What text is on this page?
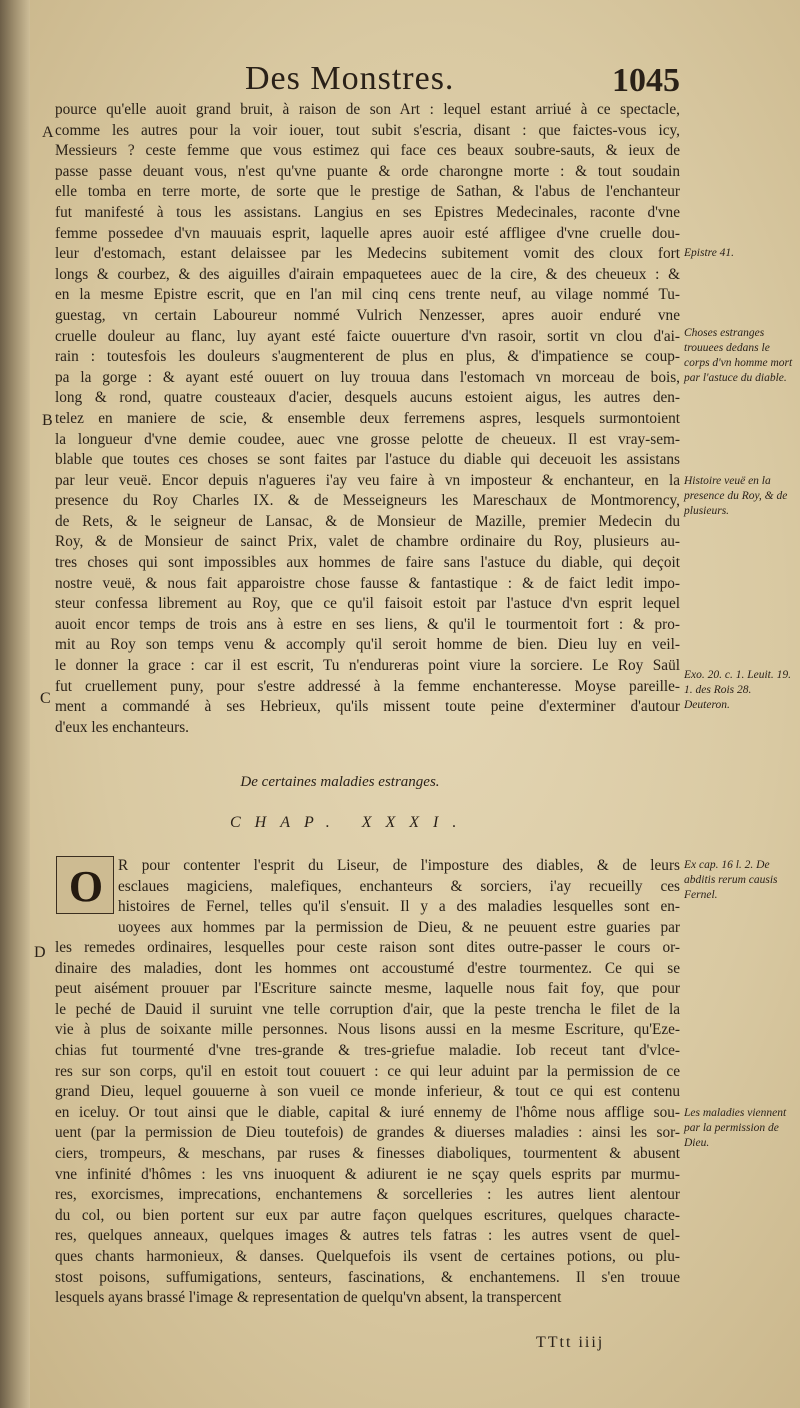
Des Monstres.	1045
A
B
C
D
pource qu'elle auoit grand bruit, à raison de son Art : lequel estant arriué à ce spectacle,
comme les autres pour la voir iouer, tout subit s'escria, disant : que faictes-vous icy,
Messieurs ? ceste femme que vous estimez qui face ces beaux soubre-sauts, & ieux de
passe passe deuant vous, n'est qu'vne puante & orde charongne morte : & tout soudain
elle tomba en terre morte, de sorte que le prestige de Sathan, & l'abus de l'enchanteur
fut manifesté à tous les assistans. Langius en ses Epistres Medecinales, raconte d'vne
femme possedee d'vn mauuais esprit, laquelle apres auoir esté affligee d'vne cruelle dou-
leur d'estomach, estant delaissee par les Medecins subitement vomit des cloux fort
longs & courbez, & des aiguilles d'airain empaquetees auec de la cire, & des cheueux : &
en la mesme Epistre escrit, que en l'an mil cinq cens trente neuf, au vilage nommé Tu-
guestag, vn certain Laboureur nommé Vulrich Nenzesser, apres auoir enduré vne
cruelle douleur au flanc, luy ayant esté faicte ouuerture d'vn rasoir, sortit vn clou d'ai-
rain : toutesfois les douleurs s'augmenterent de plus en plus, & d'impatience se coup-
pa la gorge : & ayant esté ouuert on luy trouua dans l'estomach vn morceau de bois,
long & rond, quatre cousteaux d'acier, desquels aucuns estoient aigus, les autres den-
telez en maniere de scie, & ensemble deux ferremens aspres, lesquels surmontoient
la longueur d'vne demie coudee, auec vne grosse pelotte de cheueux. Il est vray-sem-
blable que toutes ces choses se sont faites par l'astuce du diable qui deceuoit les assistans
par leur veuë. Encor depuis n'agueres i'ay veu faire à vn imposteur & enchanteur, en la
presence du Roy Charles IX. & de Messeigneurs les Mareschaux de Montmorency,
de Rets, & le seigneur de Lansac, & de Monsieur de Mazille, premier Medecin du
Roy, & de Monsieur de sainct Prix, valet de chambre ordinaire du Roy, plusieurs au-
tres choses qui sont impossibles aux hommes de faire sans l'astuce du diable, qui deçoit
nostre veuë, & nous fait apparoistre chose fausse & fantastique : & de faict ledit impo-
steur confessa librement au Roy, que ce qu'il faisoit estoit par l'astuce d'vn esprit lequel
auoit encor temps de trois ans à estre en ses liens, & qu'il le tourmentoit fort : & pro-
mit au Roy son temps venu & accomply qu'il seroit homme de bien. Dieu luy en veil-
le donner la grace : car il est escrit, Tu n'endureras point viure la sorciere. Le Roy Saül
fut cruellement puny, pour s'estre addressé à la femme enchanteresse. Moyse pareille-
ment a commandé à ses Hebrieux, qu'ils missent toute peine d'exterminer d'autour
d'eux les enchanteurs.
De certaines maladies estranges.
CHAP. XXXI.
O R pour contenter l'esprit du Liseur, de l'imposture des diables, & de leurs
esclaues magiciens, malefiques, enchanteurs & sorciers, i'ay recueilly ces
histoires de Fernel, telles qu'il s'ensuit. Il y a des maladies lesquelles sont en-
uoyees aux hommes par la permission de Dieu, & ne peuuent estre guaries par
les remedes ordinaires, lesquelles pour ceste raison sont dites outre-passer le cours or-
dinaire des maladies, dont les hommes ont accoustumé d'estre tourmentez. Ce qui se
peut aisément prouuer par l'Escriture saincte mesme, laquelle nous fait foy, que pour
le peché de Dauid il suruint vne telle corruption d'air, que la peste trencha le filet de la
vie à plus de soixante mille personnes. Nous lisons aussi en la mesme Escriture, qu'Eze-
chias fut tourmenté d'vne tres-grande & tres-griefue maladie. Iob receut tant d'vlce-
res sur son corps, qu'il en estoit tout couuert : ce qui leur aduint par la permission de ce
grand Dieu, lequel gouuerne à son vueil ce monde inferieur, & tout ce qui est contenu
en iceluy. Or tout ainsi que le diable, capital & iuré ennemy de l'hôme nous afflige sou-
uent (par la permission de Dieu toutefois) de grandes & diuerses maladies : ainsi les sor-
ciers, trompeurs, & meschans, par ruses & finesses diaboliques, tourmentent & abusent
vne infinité d'hômes : les vns inuoquent & adiurent ie ne sçay quels esprits par murmu-
res, exorcismes, imprecations, enchantemens & sorcelleries : les autres lient alentour
du col, ou bien portent sur eux par autre façon quelques escritures, quelques characte-
res, quelques anneaux, quelques images & autres tels fatras : les autres vsent de quel-
ques chants harmonieux, & danses. Quelquefois ils vsent de certaines potions, ou plu-
stost poisons, suffumigations, senteurs, fascinations, & enchantemens. Il s'en trouue
lesquels ayans brassé l'image & representation de quelqu'vn absent, la transpercent
Epistre 41.
Choses estranges trouuees dedans le corps d'vn homme mort par l'astuce du diable.
Histoire veuë en la presence du Roy, & de plusieurs.
Exo. 20. c. 1. Leuit. 19. 1. des Rois 28. Deuteron.
Ex cap. 16 l. 2. De abditis rerum causis Fernel.
Les maladies viennent par la permission de Dieu.
TTtt iiij
